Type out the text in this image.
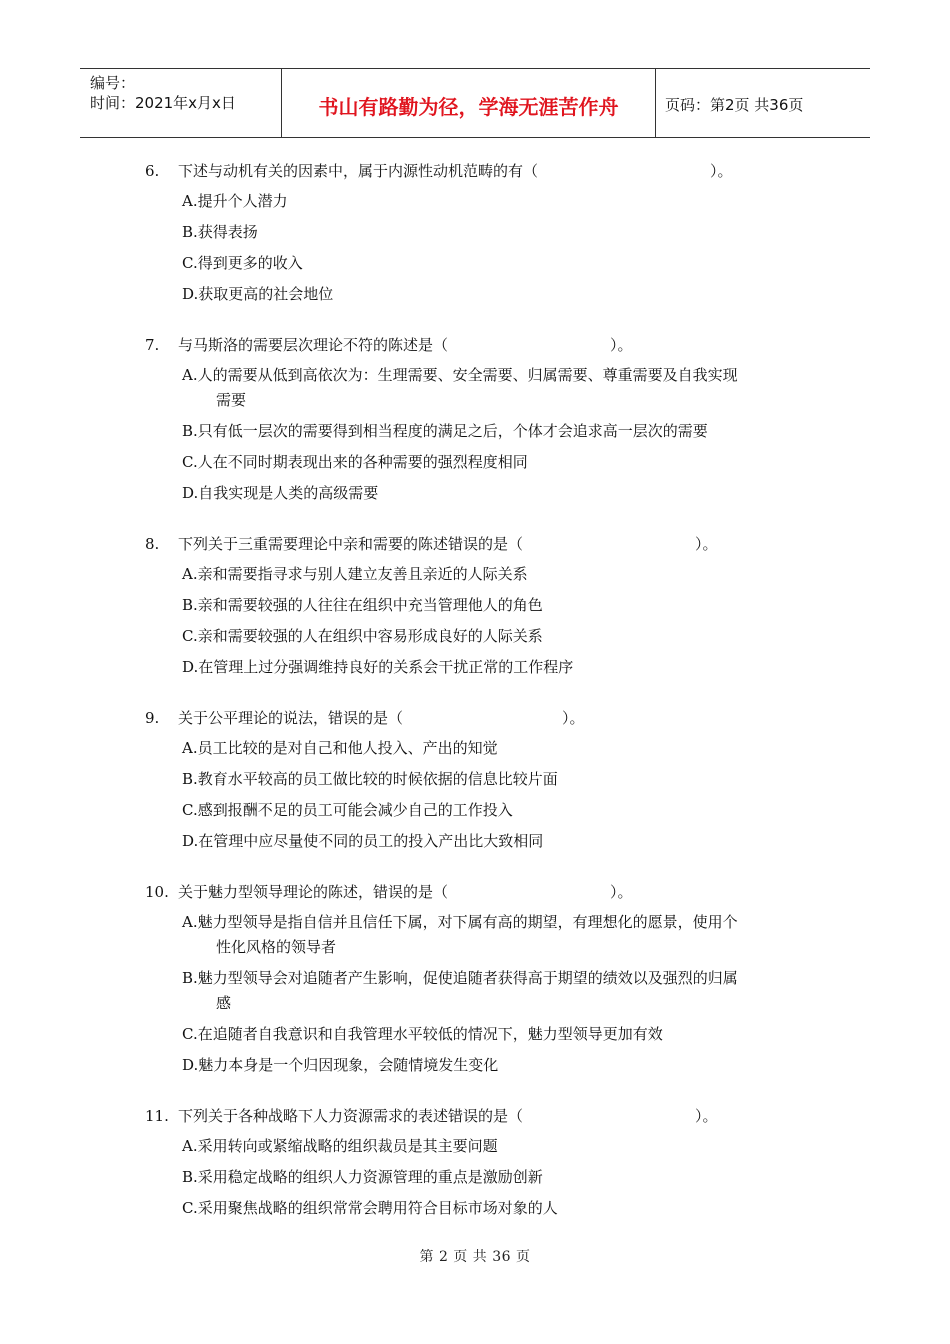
编号：
时间：2021年x月x日	书山有路勤为径，学海无涯苦作舟	页码：第2页 共36页
6. 下述与动机有关的因素中，属于内源性动机范畴的有（	）。
A.提升个人潜力
B.获得表扬
C.得到更多的收入
D.获取更高的社会地位
7. 与马斯洛的需要层次理论不符的陈述是（	）。
A.人的需要从低到高依次为：生理需要、安全需要、归属需要、尊重需要及自我实现
需要
B.只有低一层次的需要得到相当程度的满足之后，个体才会追求高一层次的需要
C.人在不同时期表现出来的各种需要的强烈程度相同
D.自我实现是人类的高级需要
8. 下列关于三重需要理论中亲和需要的陈述错误的是（	）。
A.亲和需要指寻求与别人建立友善且亲近的人际关系
B.亲和需要较强的人往往在组织中充当管理他人的角色
C.亲和需要较强的人在组织中容易形成良好的人际关系
D.在管理上过分强调维持良好的关系会干扰正常的工作程序
9. 关于公平理论的说法，错误的是（	）。
A.员工比较的是对自己和他人投入、产出的知觉
B.教育水平较高的员工做比较的时候依据的信息比较片面
C.感到报酬不足的员工可能会减少自己的工作投入
D.在管理中应尽量使不同的员工的投入产出比大致相同
10. 关于魅力型领导理论的陈述，错误的是（	）。
A.魅力型领导是指自信并且信任下属，对下属有高的期望，有理想化的愿景，使用个
性化风格的领导者
B.魅力型领导会对追随者产生影响，促使追随者获得高于期望的绩效以及强烈的归属
感
C.在追随者自我意识和自我管理水平较低的情况下，魅力型领导更加有效
D.魅力本身是一个归因现象，会随情境发生变化
11. 下列关于各种战略下人力资源需求的表述错误的是（	）。
A.采用转向或紧缩战略的组织裁员是其主要问题
B.采用稳定战略的组织人力资源管理的重点是激励创新
C.采用聚焦战略的组织常常会聘用符合目标市场对象的人
第 2 页 共 36 页
